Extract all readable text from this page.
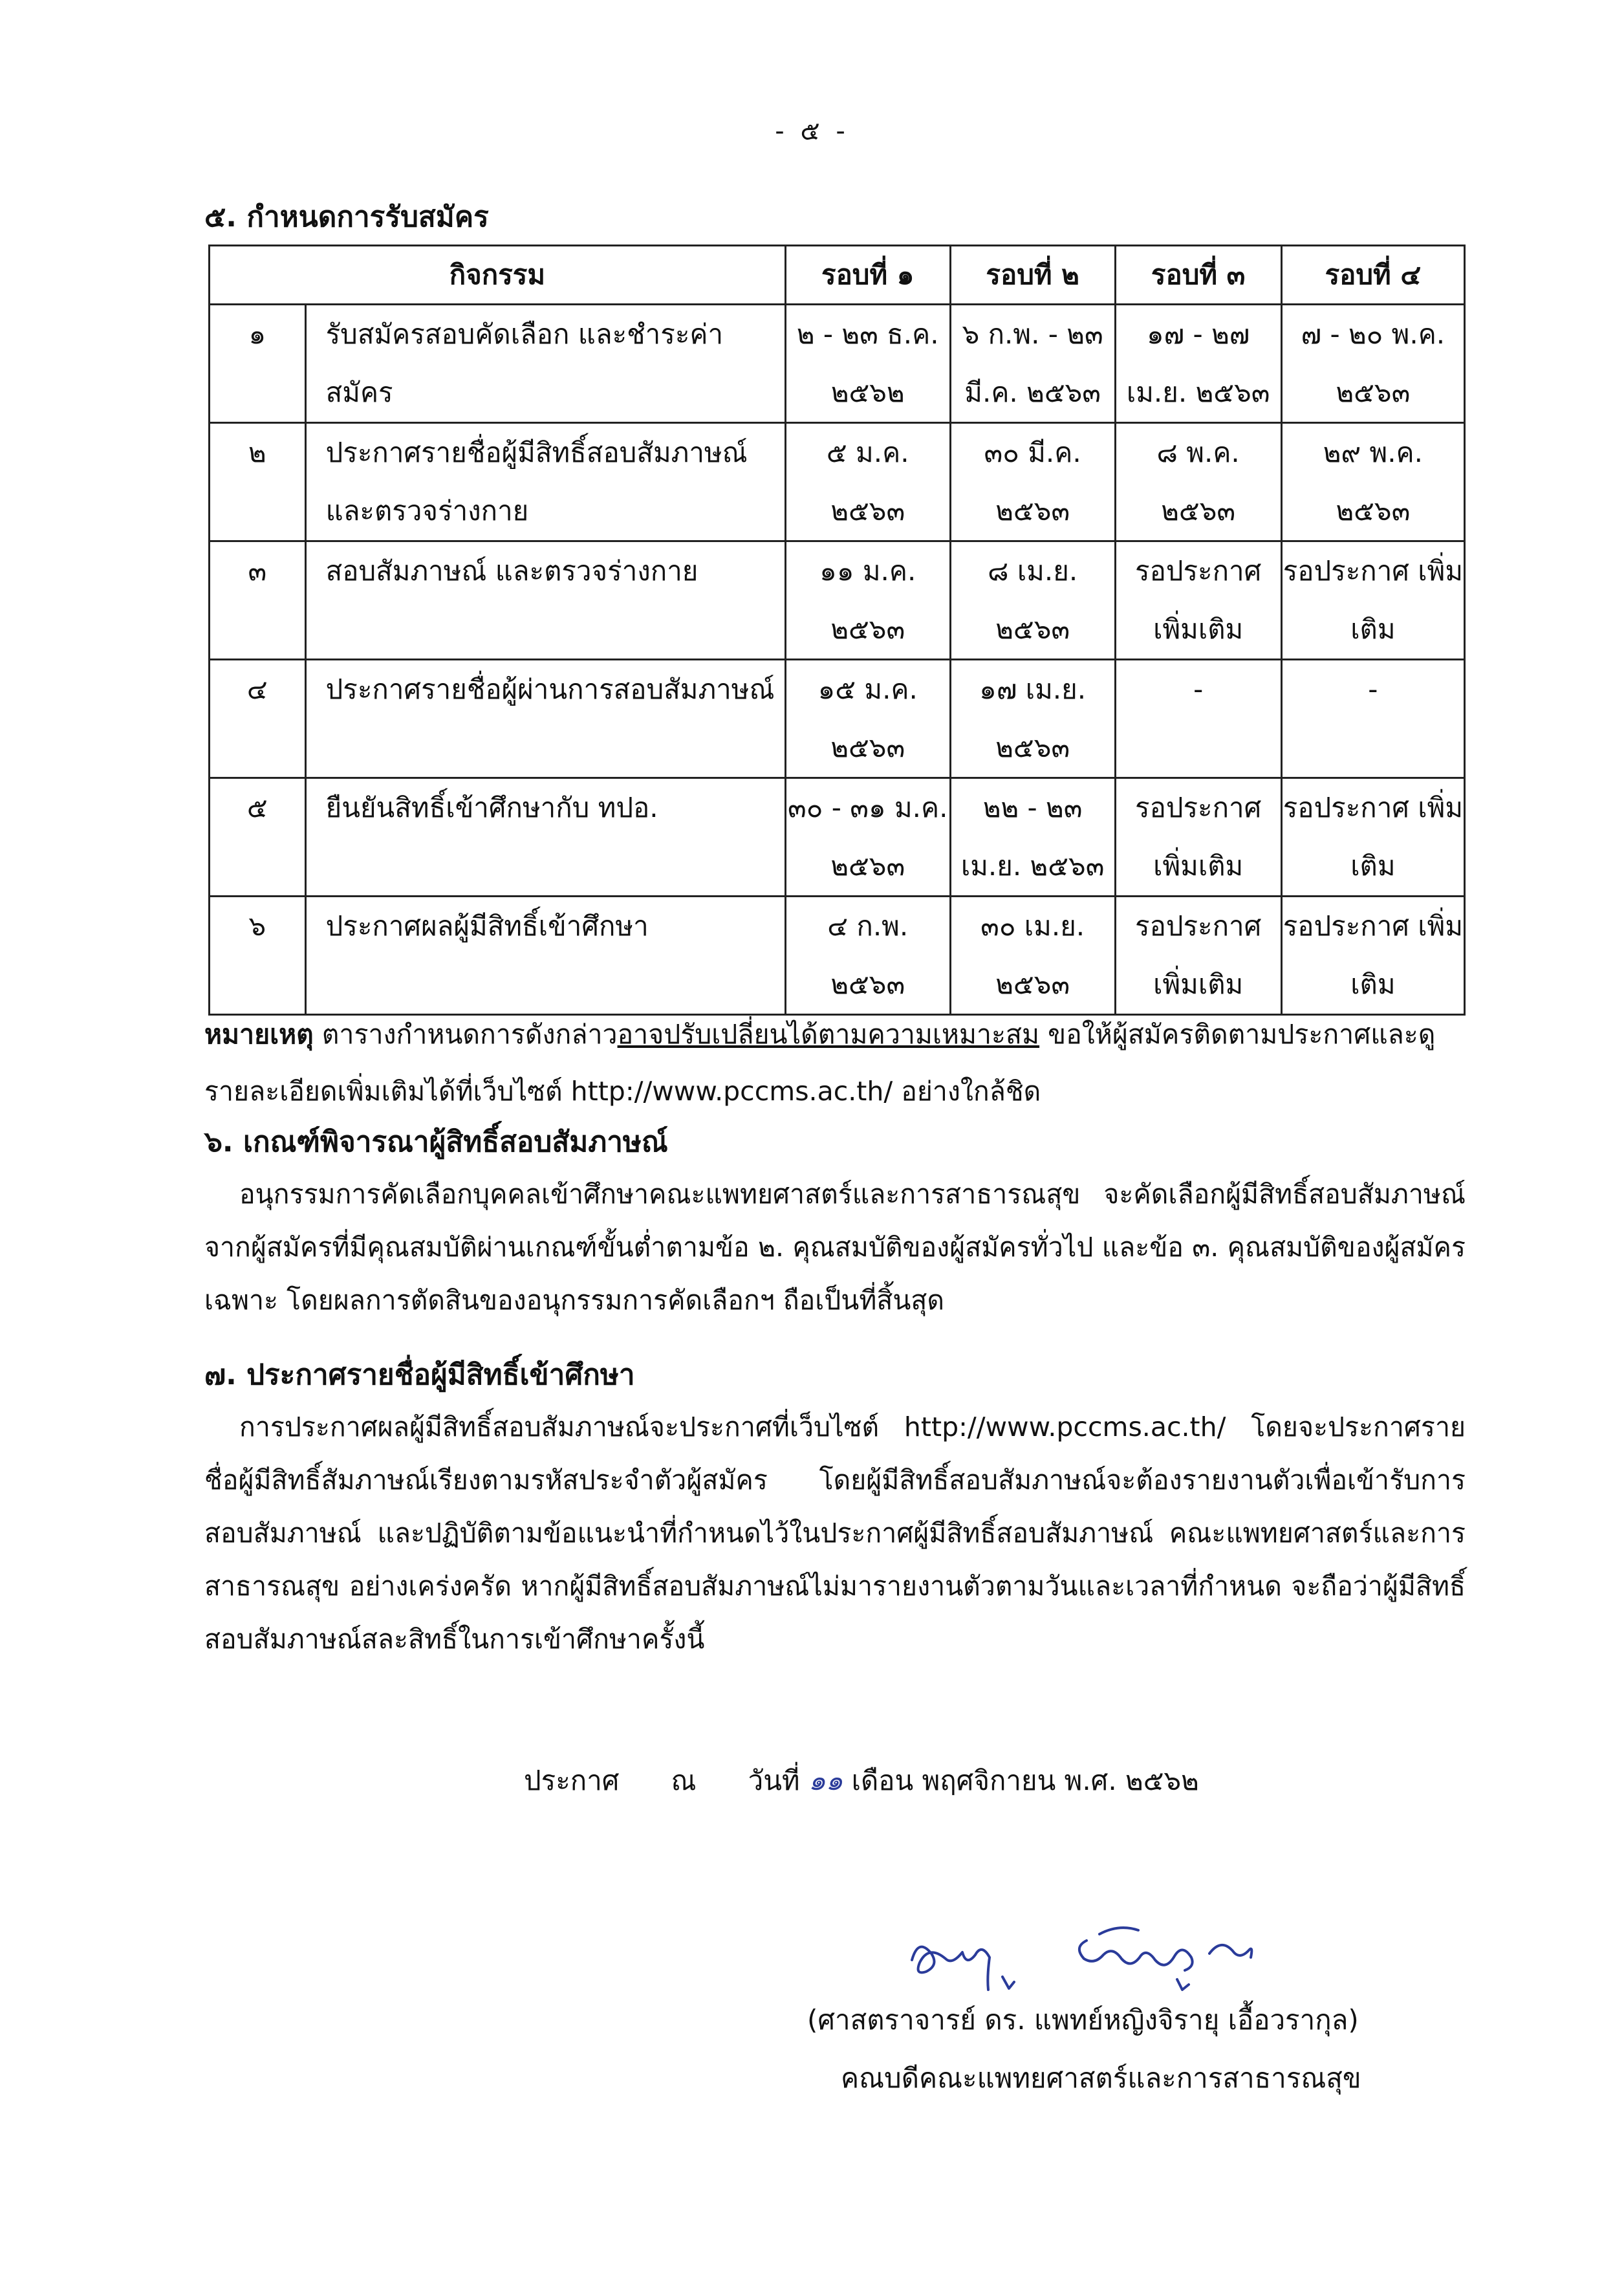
- ๕ -
๕. กำหนดการรับสมัคร
กิจกรรม		รอบที่ ๑	รอบที่ ๒	รอบที่ ๓	รอบที่ ๔
๑	รับสมัครสอบคัดเลือก และชำระค่าสมัคร	๒ - ๒๓ ธ.ค. ๒๕๖๒	๖ ก.พ. - ๒๓ มี.ค. ๒๕๖๓	๑๗ - ๒๗ เม.ย. ๒๕๖๓	๗ - ๒๐ พ.ค. ๒๕๖๓
๒	ประกาศรายชื่อผู้มีสิทธิ์สอบสัมภาษณ์ และตรวจร่างกาย	๕ ม.ค. ๒๕๖๓	๓๐ มี.ค. ๒๕๖๓	๘ พ.ค. ๒๕๖๓	๒๙ พ.ค. ๒๕๖๓
๓	สอบสัมภาษณ์ และตรวจร่างกาย	๑๑ ม.ค. ๒๕๖๓	๘ เม.ย. ๒๕๖๓	รอประกาศ เพิ่มเติม	รอประกาศ เพิ่มเติม
๔	ประกาศรายชื่อผู้ผ่านการสอบสัมภาษณ์	๑๕ ม.ค. ๒๕๖๓	๑๗ เม.ย. ๒๕๖๓	-	-
๕	ยืนยันสิทธิ์เข้าศึกษากับ ทปอ.	๓๐ - ๓๑ ม.ค. ๒๕๖๓	๒๒ - ๒๓ เม.ย. ๒๕๖๓	รอประกาศ เพิ่มเติม	รอประกาศ เพิ่มเติม
๖	ประกาศผลผู้มีสิทธิ์เข้าศึกษา	๔ ก.พ. ๒๕๖๓	๓๐ เม.ย. ๒๕๖๓	รอประกาศ เพิ่มเติม	รอประกาศ เพิ่มเติม
หมายเหตุ ตารางกำหนดการดังกล่าวอาจปรับเปลี่ยนได้ตามความเหมาะสม ขอให้ผู้สมัครติดตามประกาศและดูรายละเอียดเพิ่มเติมได้ที่เว็บไซต์ http://www.pccms.ac.th/ อย่างใกล้ชิด
๖. เกณฑ์พิจารณาผู้สิทธิ์สอบสัมภาษณ์
อนุกรรมการคัดเลือกบุคคลเข้าศึกษาคณะแพทยศาสตร์และการสาธารณสุข จะคัดเลือกผู้มีสิทธิ์สอบสัมภาษณ์จากผู้สมัครที่มีคุณสมบัติผ่านเกณฑ์ขั้นต่ำตามข้อ ๒. คุณสมบัติของผู้สมัครทั่วไป และข้อ ๓. คุณสมบัติของผู้สมัครเฉพาะ โดยผลการตัดสินของอนุกรรมการคัดเลือกฯ ถือเป็นที่สิ้นสุด
๗. ประกาศรายชื่อผู้มีสิทธิ์เข้าศึกษา
การประกาศผลผู้มีสิทธิ์สอบสัมภาษณ์จะประกาศที่เว็บไซต์ http://www.pccms.ac.th/ โดยจะประกาศรายชื่อผู้มีสิทธิ์สัมภาษณ์เรียงตามรหัสประจำตัวผู้สมัคร โดยผู้มีสิทธิ์สอบสัมภาษณ์จะต้องรายงานตัวเพื่อเข้ารับการสอบสัมภาษณ์ และปฏิบัติตามข้อแนะนำที่กำหนดไว้ในประกาศผู้มีสิทธิ์สอบสัมภาษณ์ คณะแพทยศาสตร์และการสาธารณสุข อย่างเคร่งครัด หากผู้มีสิทธิ์สอบสัมภาษณ์ไม่มารายงานตัวตามวันและเวลาที่กำหนด จะถือว่าผู้มีสิทธิ์สอบสัมภาษณ์สละสิทธิ์ในการเข้าศึกษาครั้งนี้
ประกาศ      ณ      วันที่ ๑๑ เดือน พฤศจิกายน พ.ศ. ๒๕๖๒
(ศาสตราจารย์ ดร. แพทย์หญิงจิรายุ เอื้อวรากุล)
คณบดีคณะแพทยศาสตร์และการสาธารณสุข
